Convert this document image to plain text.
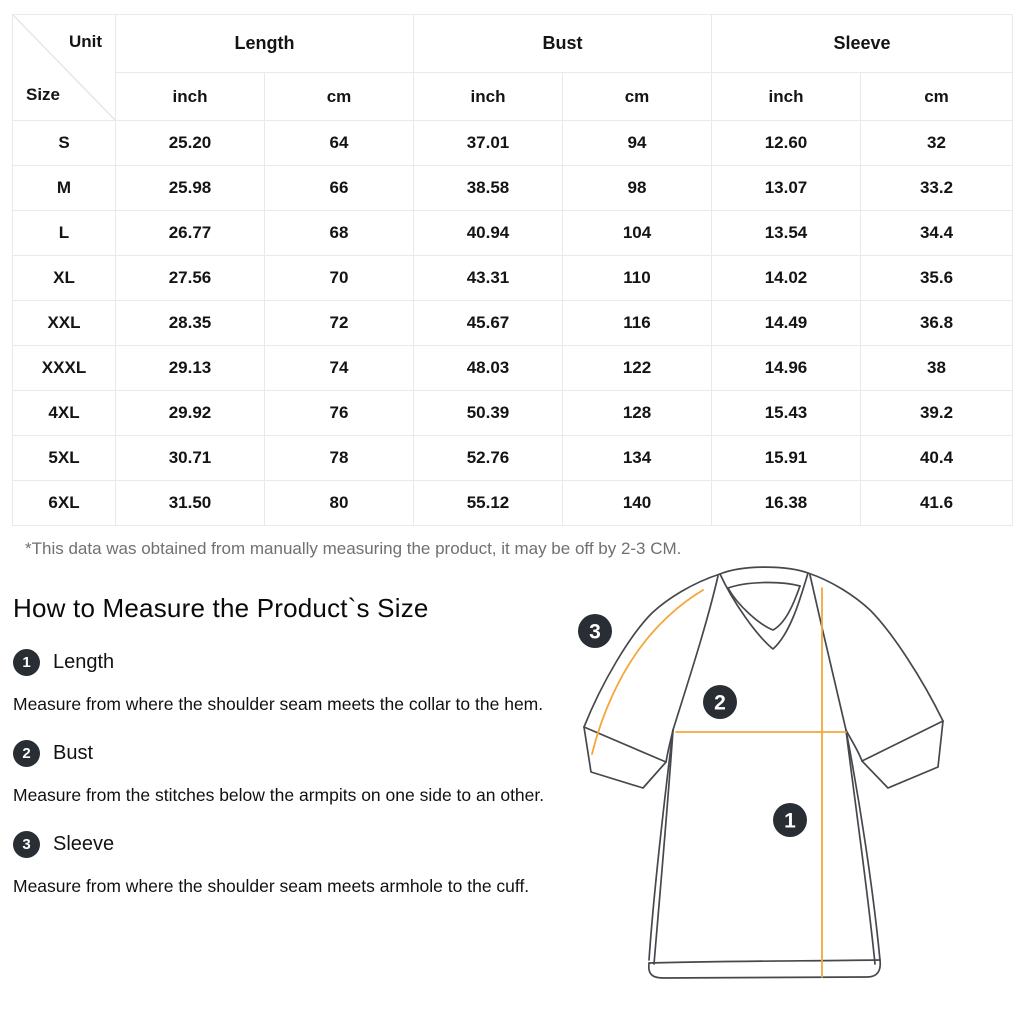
Unit
Size	Length		Bust		Sleeve	
	inch	cm	inch	cm	inch	cm
S	25.20	64	37.01	94	12.60	32
M	25.98	66	38.58	98	13.07	33.2
L	26.77	68	40.94	104	13.54	34.4
XL	27.56	70	43.31	110	14.02	35.6
XXL	28.35	72	45.67	116	14.49	36.8
XXXL	29.13	74	48.03	122	14.96	38
4XL	29.92	76	50.39	128	15.43	39.2
5XL	30.71	78	52.76	134	15.91	40.4
6XL	31.50	80	55.12	140	16.38	41.6
*This data was obtained from manually measuring the product, it may be off by 2-3 CM.
How to Measure the Product`s Size
1	Length

Measure from where the shoulder seam meets the collar to the hem.

2	Bust

Measure from the stitches below the armpits on one side to an other.

3	Sleeve

Measure from where the shoulder seam meets armhole to the cuff.

3
2
1
